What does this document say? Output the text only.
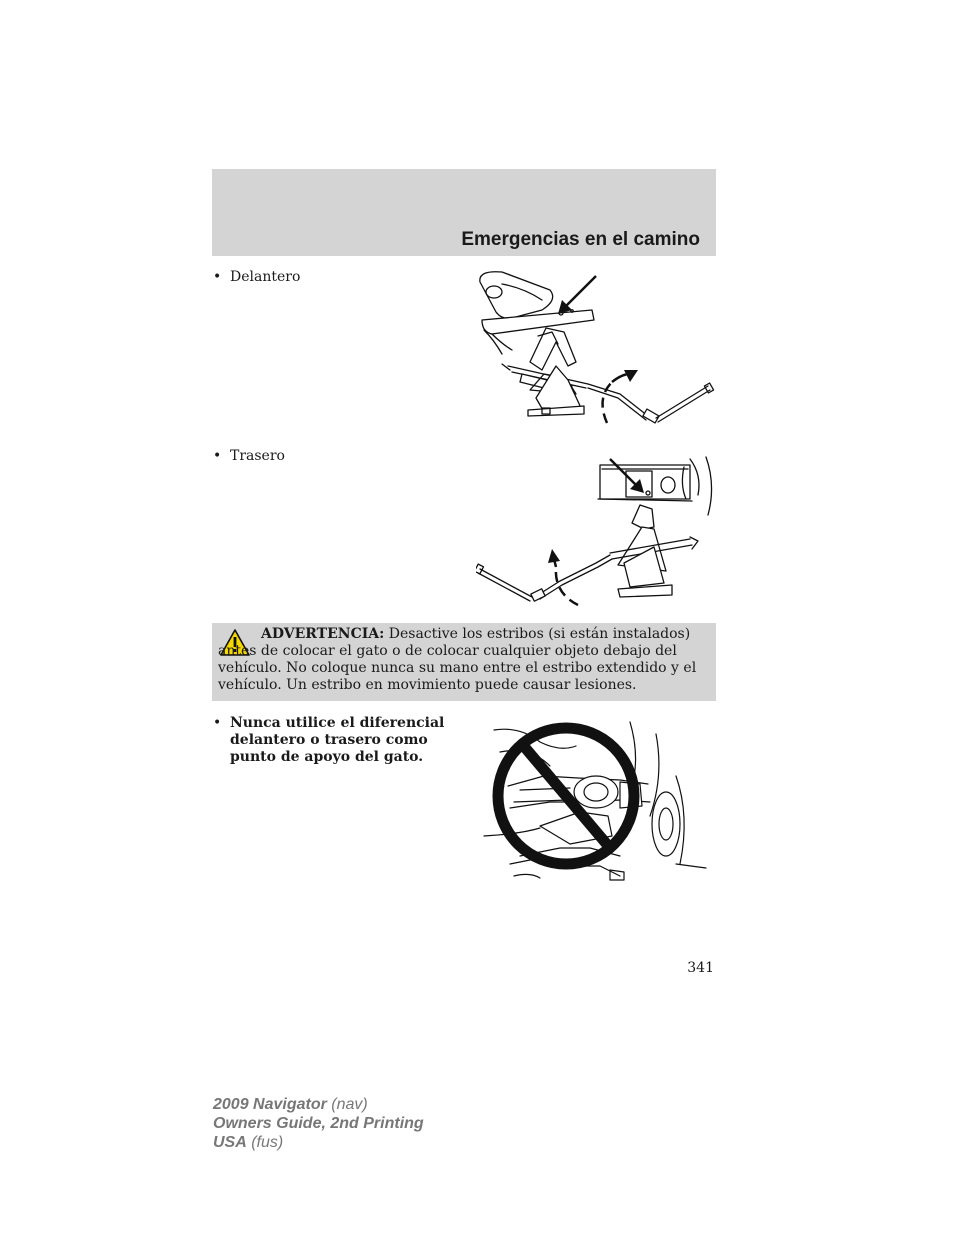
Emergencias en el camino
• Delantero
• Trasero
ADVERTENCIA: Desactive los estribos (si están instalados) antes de colocar el gato o de colocar cualquier objeto debajo del vehículo. No coloque nunca su mano entre el estribo extendido y el vehículo. Un estribo en movimiento puede causar lesiones.
• Nunca utilice el diferencial delantero o trasero como punto de apoyo del gato.
341
2009 Navigator (nav)
Owners Guide, 2nd Printing
USA (fus)
